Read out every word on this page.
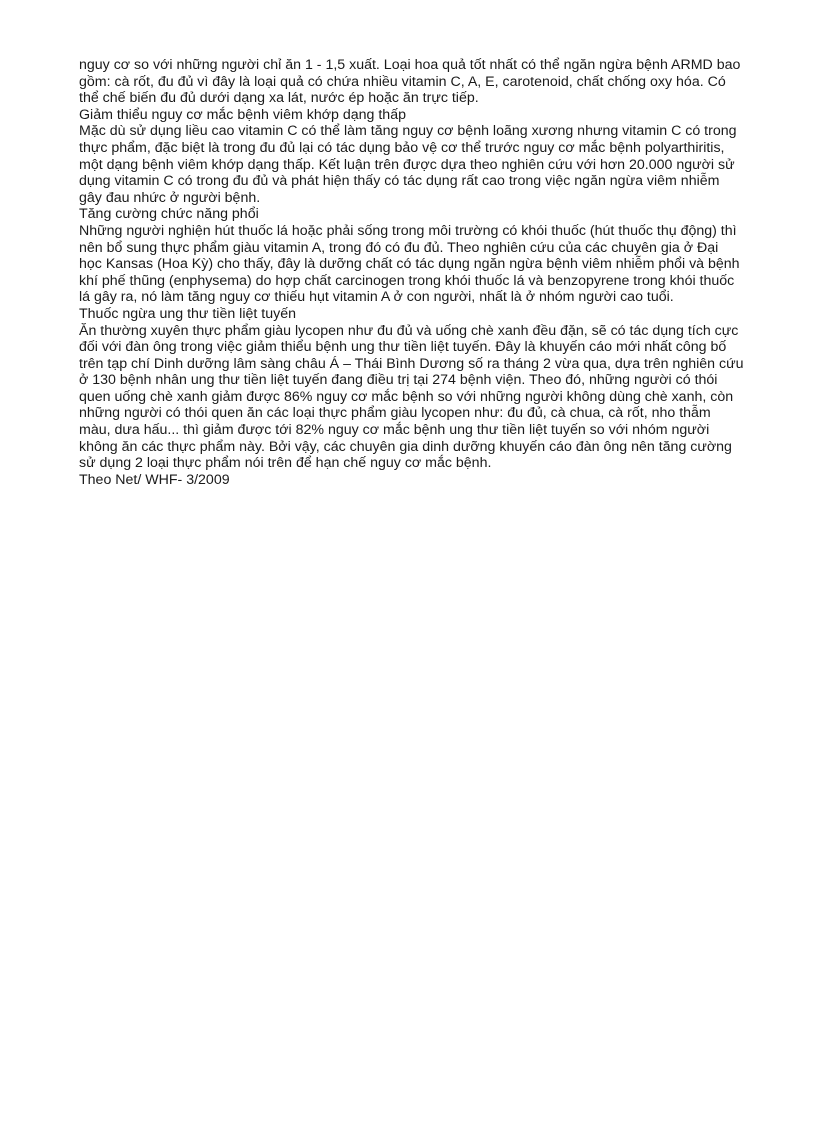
nguy cơ so với những người chỉ ăn 1 - 1,5 xuất. Loại hoa quả tốt nhất có thể ngăn ngừa bệnh ARMD bao gồm: cà rốt, đu đủ vì đây là loại quả có chứa nhiều vitamin C, A, E, carotenoid, chất chống oxy hóa. Có thể chế biến đu đủ dưới dạng xa lát, nước ép hoặc ăn trực tiếp.

Giảm thiểu nguy cơ mắc bệnh viêm khớp dạng thấp

Mặc dù sử dụng liều cao vitamin C có thể làm tăng nguy cơ bệnh loãng xương nhưng vitamin C có trong thực phẩm, đặc biệt là trong đu đủ lại có tác dụng bảo vệ cơ thể trước nguy cơ mắc bệnh polyarthiritis, một dạng bệnh viêm khớp dạng thấp. Kết luận trên được dựa theo nghiên cứu với hơn 20.000 người sử dụng vitamin C có trong đu đủ và phát hiện thấy có tác dụng rất cao trong việc ngăn ngừa viêm nhiễm gây đau nhức ở người bệnh.

Tăng cường chức năng phổi

Những người nghiện hút thuốc lá hoặc phải sống trong môi trường có khói thuốc (hút thuốc thụ động) thì nên bổ sung thực phẩm giàu vitamin A, trong đó có đu đủ. Theo nghiên cứu của các chuyên gia ở Đại học Kansas (Hoa Kỳ) cho thấy, đây là dưỡng chất có tác dụng ngăn ngừa bệnh viêm nhiễm phổi và bệnh khí phế thũng (enphysema) do hợp chất carcinogen trong khói thuốc lá và benzopyrene trong khói thuốc lá gây ra, nó làm tăng nguy cơ thiếu hụt vitamin A ở con người, nhất là ở nhóm người cao tuổi.

Thuốc ngừa ung thư tiền liệt tuyến

Ăn thường xuyên thực phẩm giàu lycopen như đu đủ và uống chè xanh đều đặn, sẽ có tác dụng tích cực đối với đàn ông trong việc giảm thiểu bệnh ung thư tiền liệt tuyến. Đây là khuyến cáo mới nhất công bố trên tạp chí Dinh dưỡng lâm sàng châu Á – Thái Bình Dương số ra tháng 2 vừa qua, dựa trên nghiên cứu ở 130 bệnh nhân ung thư tiền liệt tuyến đang điều trị tại 274 bệnh viện. Theo đó, những người có thói quen uống chè xanh giảm được 86% nguy cơ mắc bệnh so với những người không dùng chè xanh, còn những người có thói quen ăn các loại thực phẩm giàu lycopen như: đu đủ, cà chua, cà rốt, nho thẫm màu, dưa hấu... thì giảm được tới 82% nguy cơ mắc bệnh ung thư tiền liệt tuyến so với nhóm người không ăn các thực phẩm này. Bởi vậy, các chuyên gia dinh dưỡng khuyến cáo đàn ông nên tăng cường sử dụng 2 loại thực phẩm nói trên để hạn chế nguy cơ mắc bệnh.

Theo Net/ WHF- 3/2009
